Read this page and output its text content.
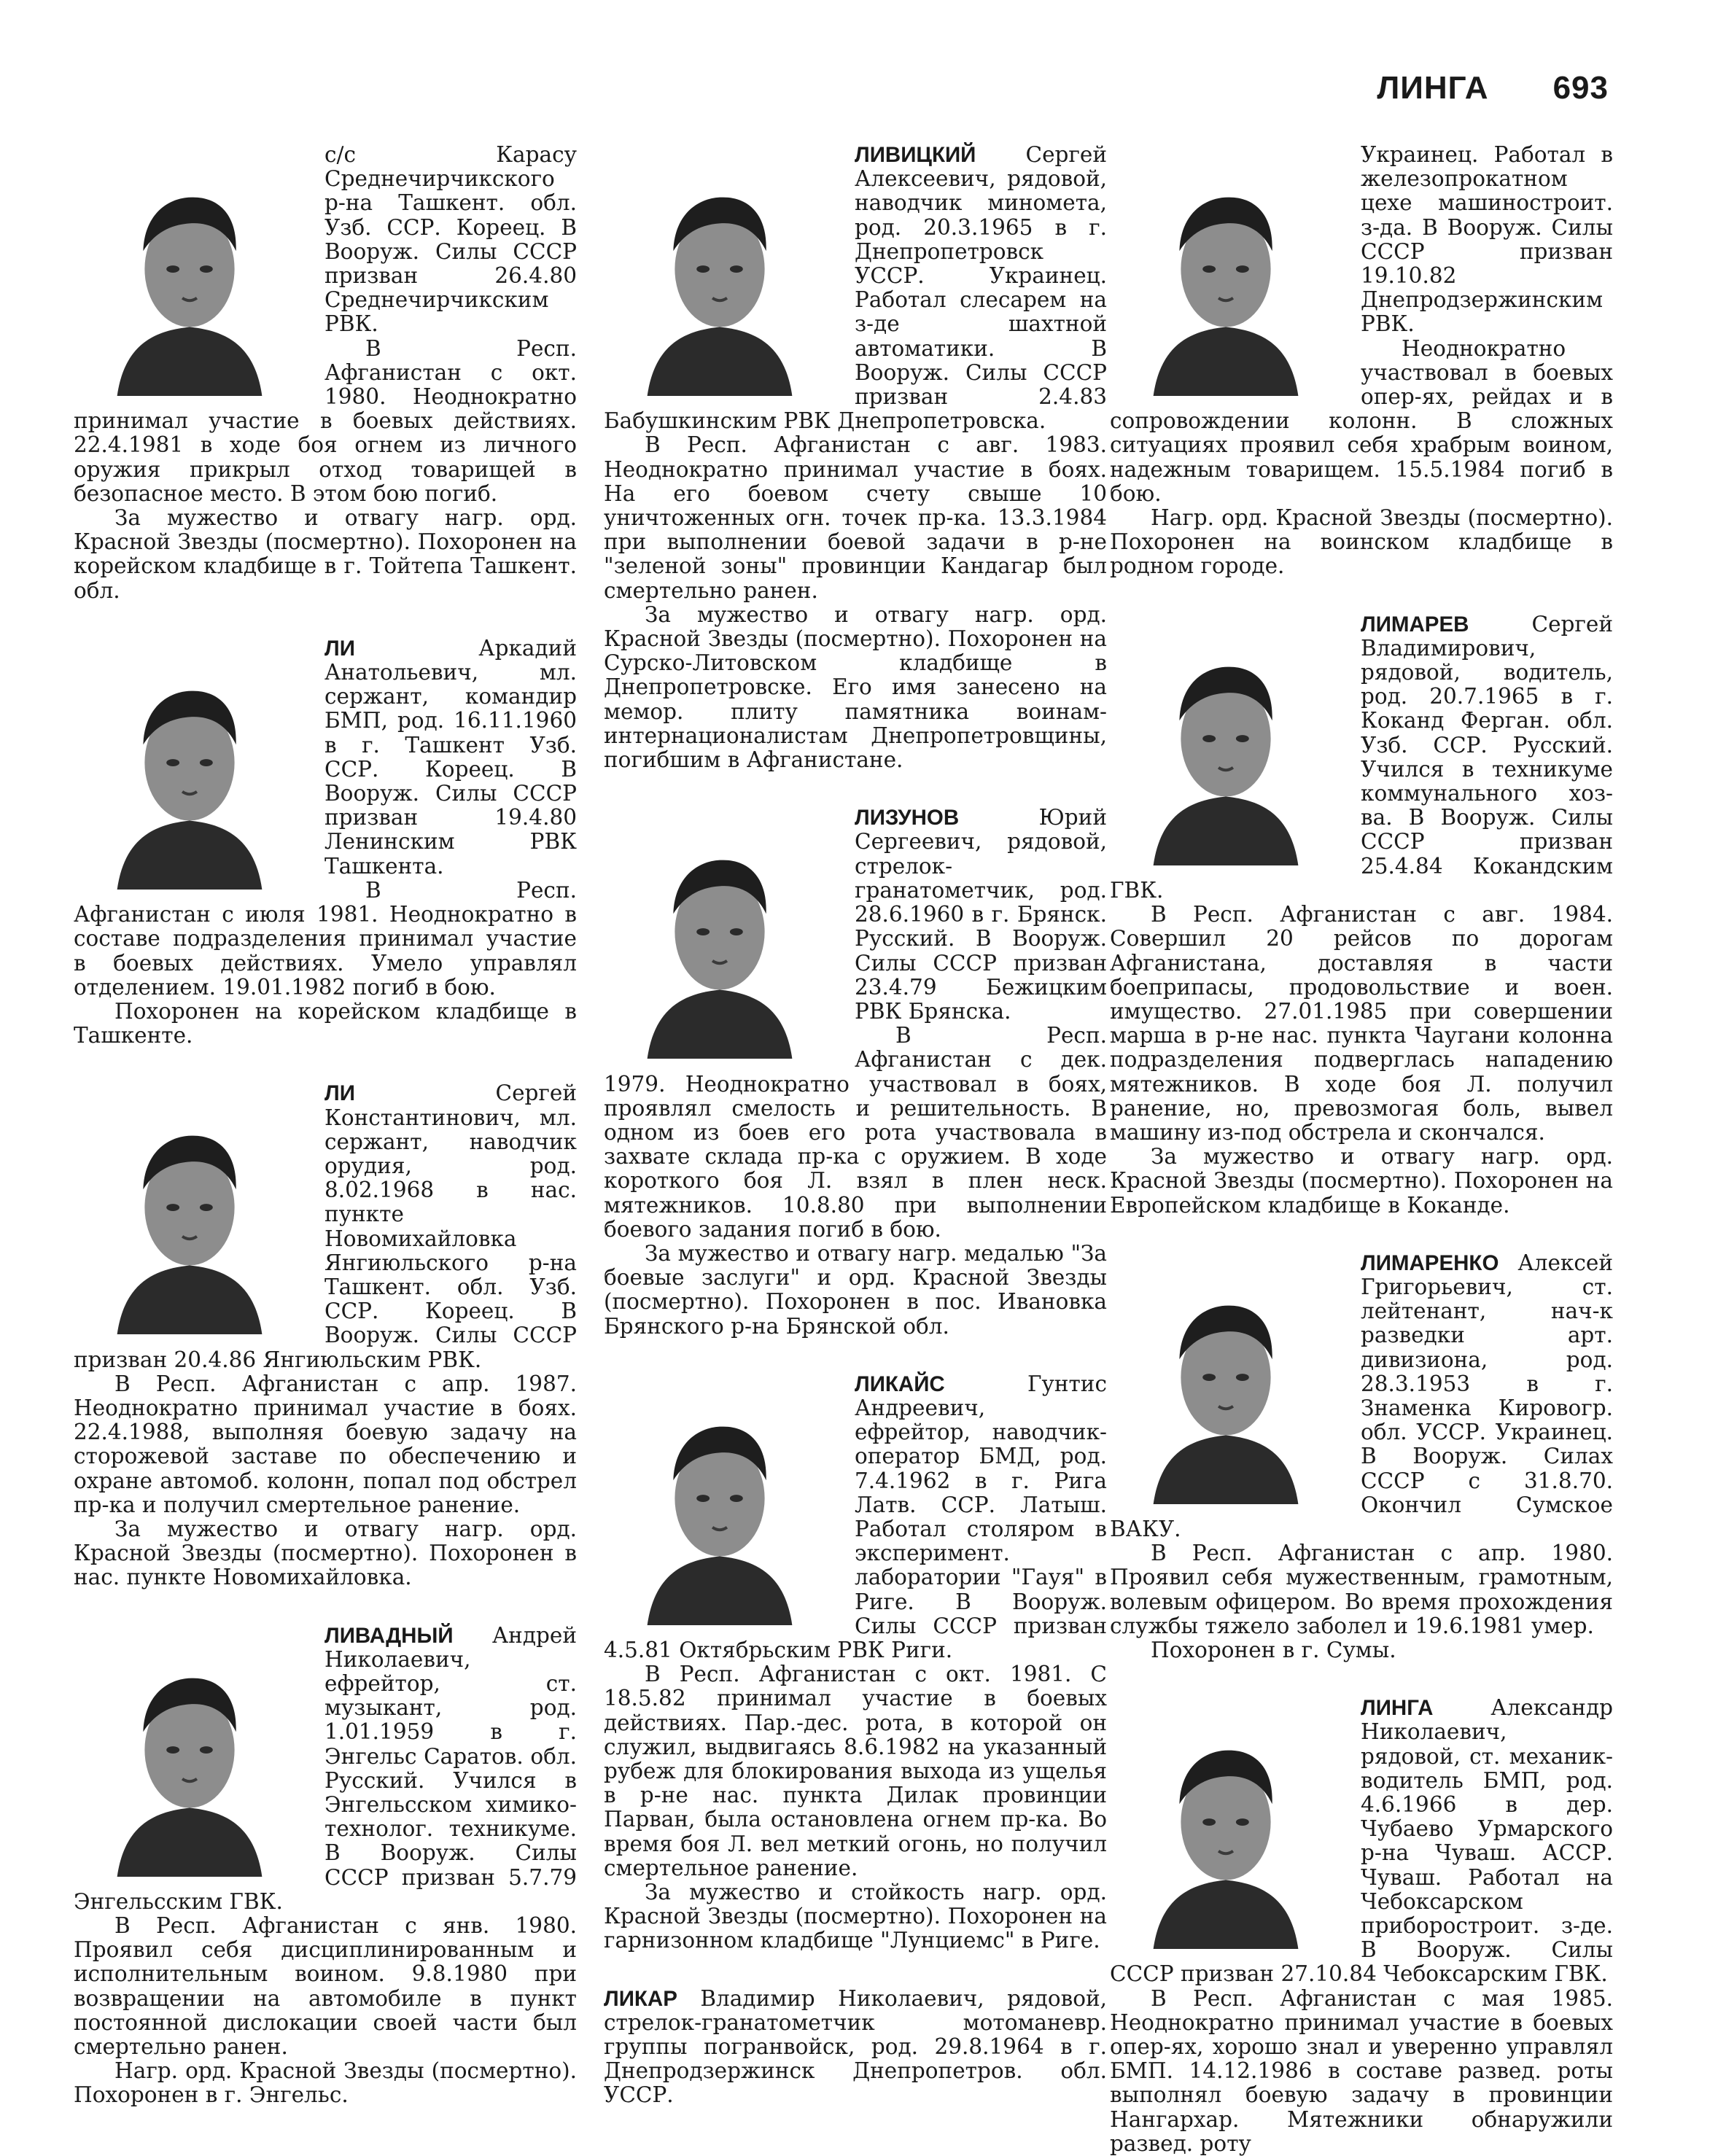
ЛИНГА 693

с/с Карасу Среднечирчикского р-на Ташкент. обл. Узб. ССР. Кореец. В Вооруж. Силы СССР призван 26.4.80 Среднечирчикским РВК.

В Респ. Афганистан с окт. 1980. Неоднократно принимал участие в боевых действиях. 22.4.1981 в ходе боя огнем из личного оружия прикрыл отход товарищей в безопасное место. В этом бою погиб.

За мужество и отвагу нагр. орд. Красной Звезды (посмертно). Похоронен на корейском кладбище в г. Тойтепа Ташкент. обл.

ЛИ Аркадий Анатольевич, мл. сержант, командир БМП, род. 16.11.1960 в г. Ташкент Узб. ССР. Кореец. В Вооруж. Силы СССР призван 19.4.80 Ленинским РВК Ташкента.

В Респ. Афганистан с июля 1981. Неоднократно в составе подразделения принимал участие в боевых действиях. Умело управлял отделением. 19.01.1982 погиб в бою.

Похоронен на корейском кладбище в Ташкенте.

ЛИ Сергей Константинович, мл. сержант, наводчик орудия, род. 8.02.1968 в нас. пункте Новомихайловка Янгиюльского р-на Ташкент. обл. Узб. ССР. Кореец. В Вооруж. Силы СССР призван 20.4.86 Янгиюльским РВК.

В Респ. Афганистан с апр. 1987. Неоднократно принимал участие в боях. 22.4.1988, выполняя боевую задачу на сторожевой заставе по обеспечению и охране автомоб. колонн, попал под обстрел пр-ка и получил смертельное ранение.

За мужество и отвагу нагр. орд. Красной Звезды (посмертно). Похоронен в нас. пункте Новомихайловка.

ЛИВАДНЫЙ Андрей Николаевич, ефрейтор, ст. музыкант, род. 1.01.1959 в г. Энгельс Саратов. обл. Русский. Учился в Энгельсском химико-технолог. техникуме. В Вооруж. Силы СССР призван 5.7.79 Энгельсским ГВК.

В Респ. Афганистан с янв. 1980. Проявил себя дисциплинированным и исполнительным воином. 9.8.1980 при возвращении на автомобиле в пункт постоянной дислокации своей части был смертельно ранен.

Нагр. орд. Красной Звезды (посмертно). Похоронен в г. Энгельс.

ЛИВИЦКИЙ Сергей Алексеевич, рядовой, наводчик миномета, род. 20.3.1965 в г. Днепропетровск УССР. Украинец. Работал слесарем на з-де шахтной автоматики. В Вооруж. Силы СССР призван 2.4.83 Бабушкинским РВК Днепропетровска.

В Респ. Афганистан с авг. 1983. Неоднократно принимал участие в боях. На его боевом счету свыше 10 уничтоженных огн. точек пр-ка. 13.3.1984 при выполнении боевой задачи в р-не "зеленой зоны" провинции Кандагар был смертельно ранен.

За мужество и отвагу нагр. орд. Красной Звезды (посмертно). Похоронен на Сурско-Литовском кладбище в Днепропетровске. Его имя занесено на мемор. плиту памятника воинам-интернационалистам Днепропетровщины, погибшим в Афганистане.

ЛИЗУНОВ Юрий Сергеевич, рядовой, стрелок-гранатометчик, род. 28.6.1960 в г. Брянск. Русский. В Вооруж. Силы СССР призван 23.4.79 Бежицким РВК Брянска.

В Респ. Афганистан с дек. 1979. Неоднократно участвовал в боях, проявлял смелость и решительность. В одном из боев его рота участвовала в захвате склада пр-ка с оружием. В ходе короткого боя Л. взял в плен неск. мятежников. 10.8.80 при выполнении боевого задания погиб в бою.

За мужество и отвагу нагр. медалью "За боевые заслуги" и орд. Красной Звезды (посмертно). Похоронен в пос. Ивановка Брянского р-на Брянской обл.

ЛИКАЙС Гунтис Андреевич, ефрейтор, наводчик-оператор БМД, род. 7.4.1962 в г. Рига Латв. ССР. Латыш. Работал столяром в эксперимент. лаборатории "Гауя" в Риге. В Вооруж. Силы СССР призван 4.5.81 Октябрьским РВК Риги.

В Респ. Афганистан с окт. 1981. С 18.5.82 принимал участие в боевых действиях. Пар.-дес. рота, в которой он служил, выдвигаясь 8.6.1982 на указанный рубеж для блокирования выхода из ущелья в р-не нас. пункта Дилак провинции Парван, была остановлена огнем пр-ка. Во время боя Л. вел меткий огонь, но получил смертельное ранение.

За мужество и стойкость нагр. орд. Красной Звезды (посмертно). Похоронен на гарнизонном кладбище "Лунциемс" в Риге.

ЛИКАР Владимир Николаевич, рядовой, стрелок-гранатометчик мотоманевр. группы погранвойск, род. 29.8.1964 в г. Днепродзержинск Днепропетров. обл. УССР.

Украинец. Работал в железопрокатном цехе машиностроит. з-да. В Вооруж. Силы СССР призван 19.10.82 Днепродзержинским РВК.

Неоднократно участвовал в боевых опер-ях, рейдах и в сопровождении колонн. В сложных ситуациях проявил себя храбрым воином, надежным товарищем. 15.5.1984 погиб в бою.

Нагр. орд. Красной Звезды (посмертно). Похоронен на воинском кладбище в родном городе.

ЛИМАРЕВ Сергей Владимирович, рядовой, водитель, род. 20.7.1965 в г. Коканд Ферган. обл. Узб. ССР. Русский. Учился в техникуме коммунального хоз-ва. В Вооруж. Силы СССР призван 25.4.84 Кокандским ГВК.

В Респ. Афганистан с авг. 1984. Совершил 20 рейсов по дорогам Афганистана, доставляя в части боеприпасы, продовольствие и воен. имущество. 27.01.1985 при совершении марша в р-не нас. пункта Чаугани колонна подразделения подверглась нападению мятежников. В ходе боя Л. получил ранение, но, превозмогая боль, вывел машину из-под обстрела и скончался.

За мужество и отвагу нагр. орд. Красной Звезды (посмертно). Похоронен на Европейском кладбище в Коканде.

ЛИМАРЕНКО Алексей Григорьевич, ст. лейтенант, нач-к разведки арт. дивизиона, род. 28.3.1953 в г. Знаменка Кировогр. обл. УССР. Украинец. В Вооруж. Силах СССР с 31.8.70. Окончил Сумское ВАКУ.

В Респ. Афганистан с апр. 1980. Проявил себя мужественным, грамотным, волевым офицером. Во время прохождения службы тяжело заболел и 19.6.1981 умер.

Похоронен в г. Сумы.

ЛИНГА Александр Николаевич, рядовой, ст. механик-водитель БМП, род. 4.6.1966 в дер. Чубаево Урмарского р-на Чуваш. АССР. Чуваш. Работал на Чебоксарском приборостроит. з-де. В Вооруж. Силы СССР призван 27.10.84 Чебоксарским ГВК.

В Респ. Афганистан с мая 1985. Неоднократно принимал участие в боевых опер-ях, хорошо знал и уверенно управлял БМП. 14.12.1986 в составе развед. роты выполнял боевую задачу в провинции Нангархар. Мятежники обнаружили развед. роту
